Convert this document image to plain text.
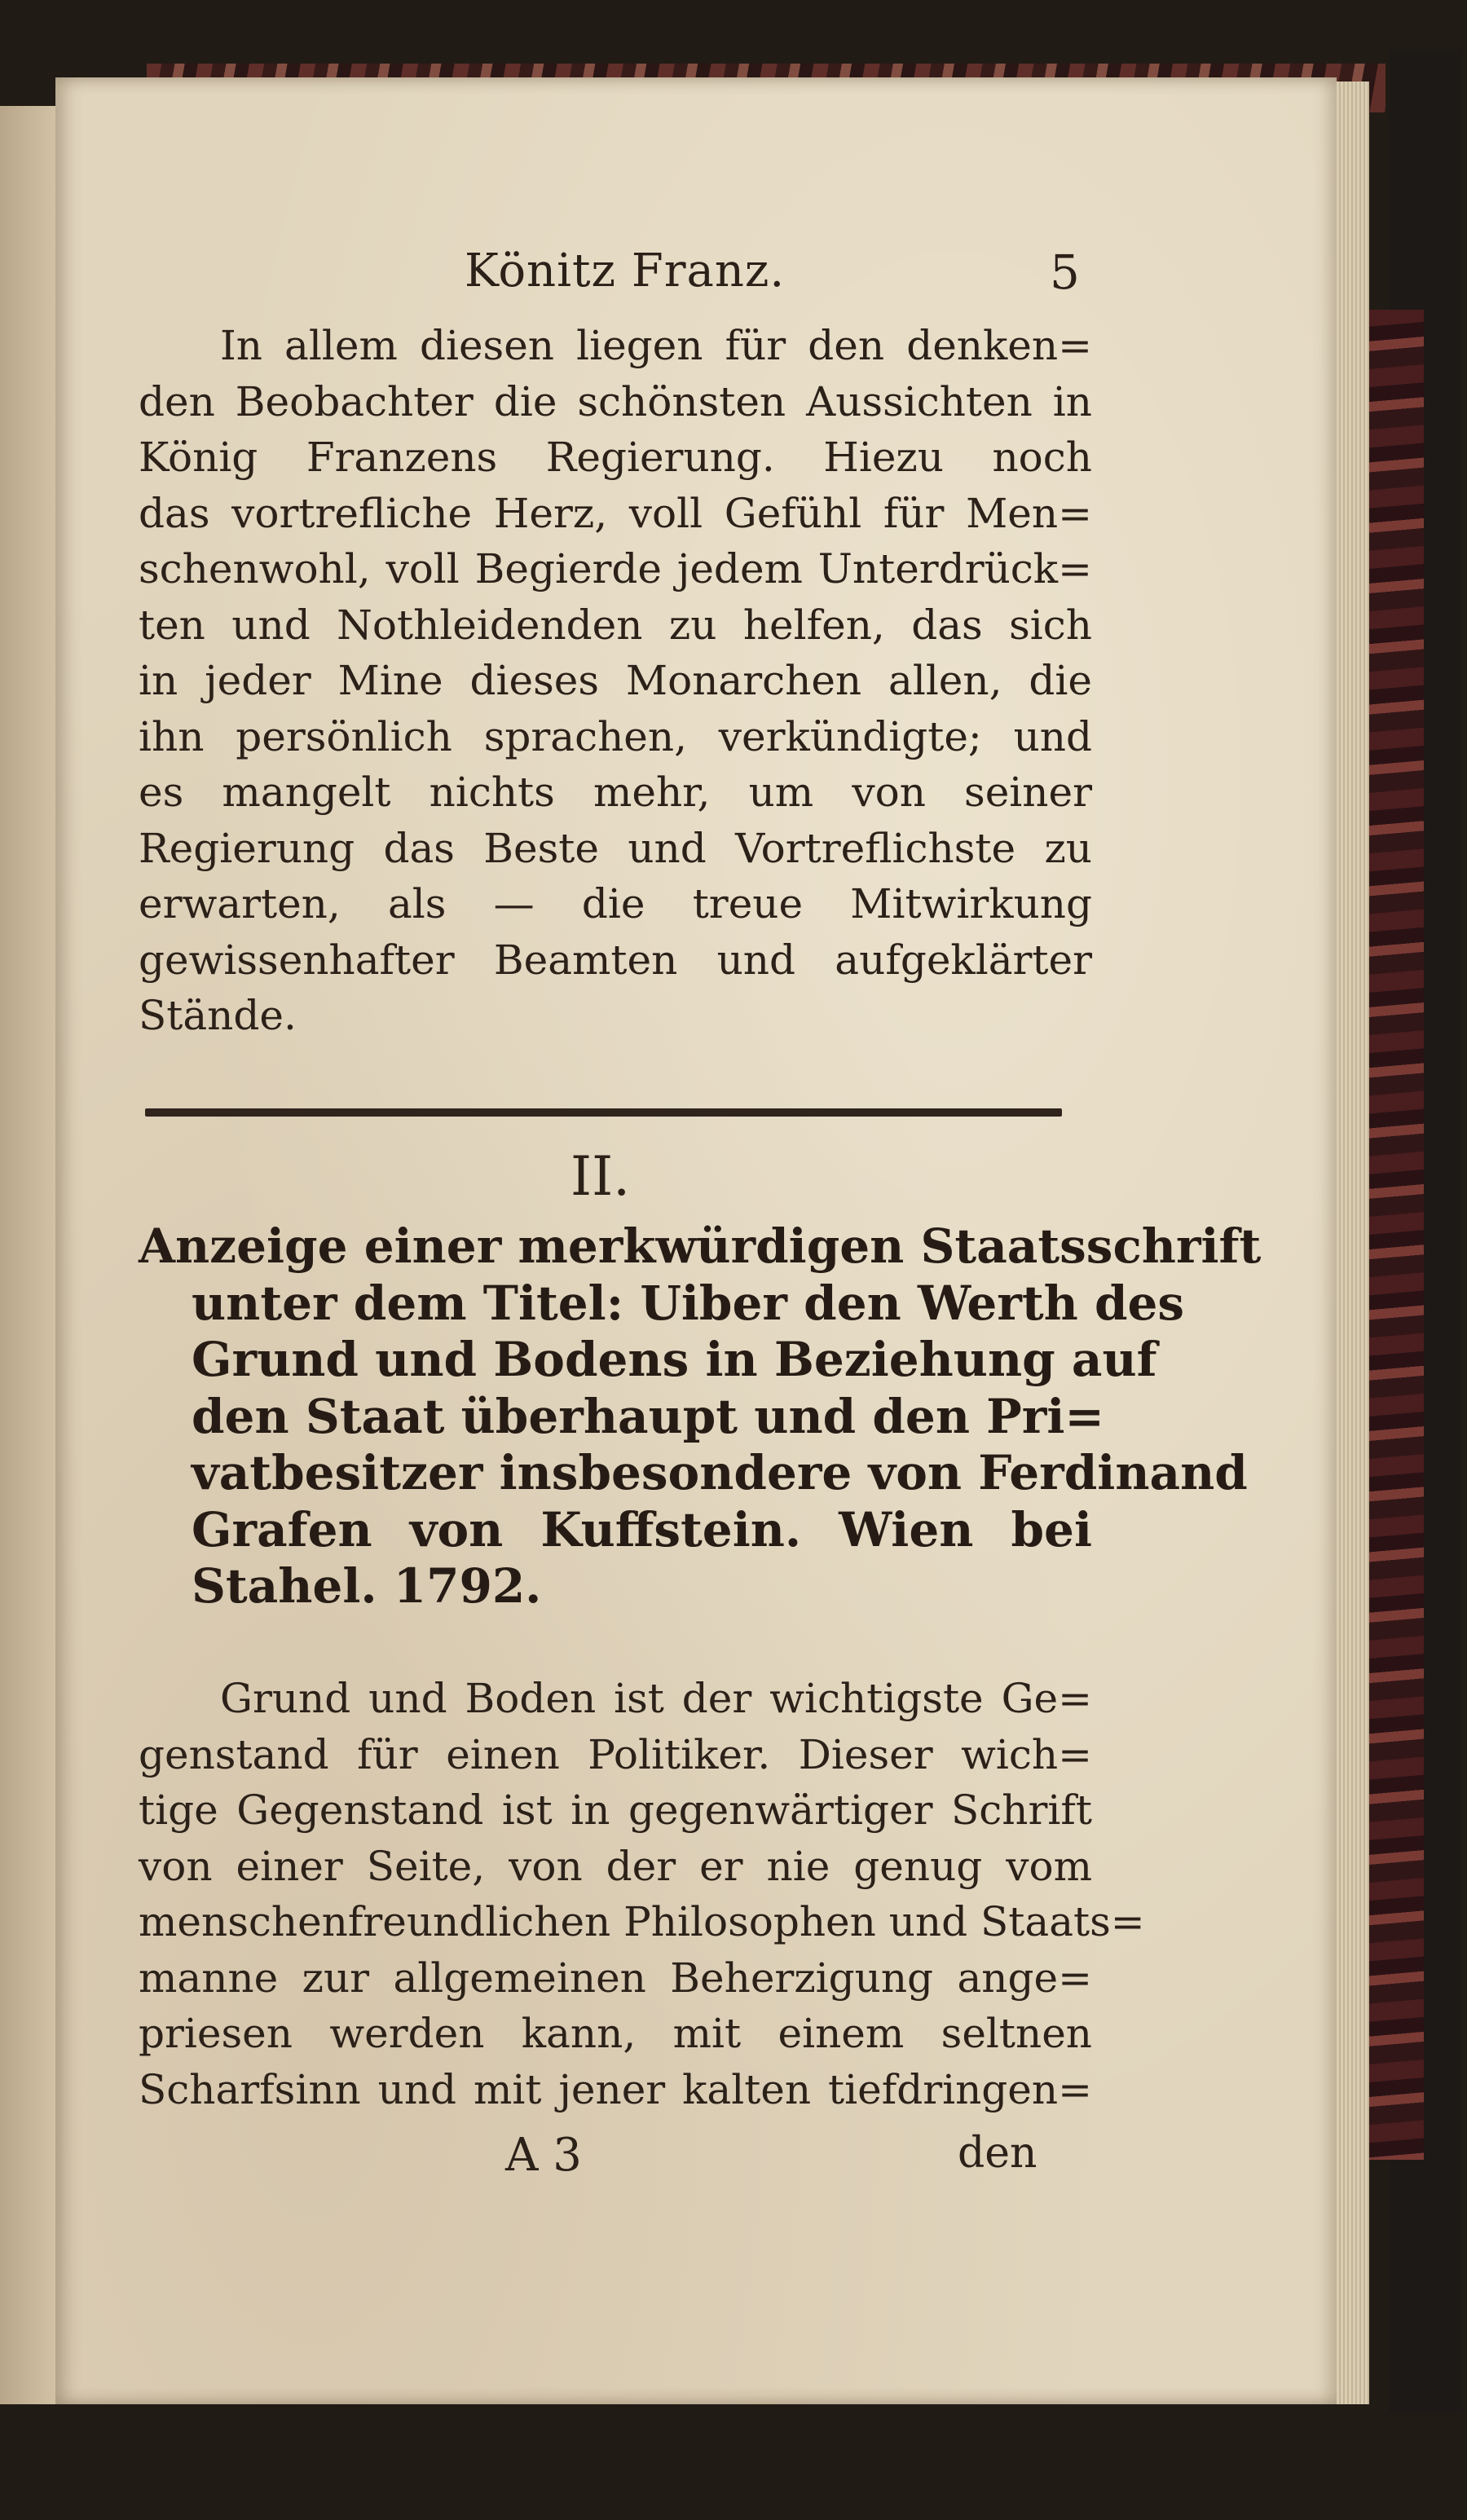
Könitz Franz.	5

In allem diesen liegen für den denken=
den Beobachter die schönsten Aussichten in
König Franzens Regierung. Hiezu noch
das vortrefliche Herz, voll Gefühl für Men=
schenwohl, voll Begierde jedem Unterdrück=
ten und Nothleidenden zu helfen, das sich
in jeder Mine dieses Monarchen allen, die
ihn persönlich sprachen, verkündigte; und
es mangelt nichts mehr, um von seiner
Regierung das Beste und Vortreflichste zu
erwarten, als — die treue Mitwirkung
gewissenhafter Beamten und aufgeklärter
Stände.

II.

Anzeige einer merkwürdigen Staatsschrift
unter dem Titel: Uiber den Werth des
Grund und Bodens in Beziehung auf
den Staat überhaupt und den Pri=
vatbesitzer insbesondere von Ferdinand
Grafen von Kuffstein. Wien bei
Stahel. 1792.
Grund und Boden ist der wichtigste Ge=
genstand für einen Politiker. Dieser wich=
tige Gegenstand ist in gegenwärtiger Schrift
von einer Seite, von der er nie genug vom
menschenfreundlichen Philosophen und Staats=
manne zur allgemeinen Beherzigung ange=
priesen werden kann, mit einem seltnen
Scharfsinn und mit jener kalten tiefdringen=

A 3	den
